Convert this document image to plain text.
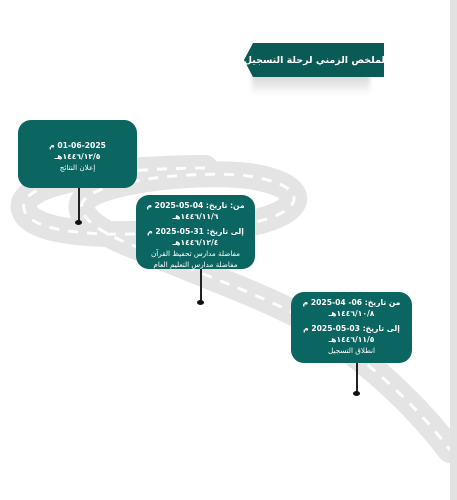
الملخص الزمني لرحلة التسجيل
01-06-2025 م
١٤٤٦/١٢/٥هـ
إعلان النتائج
من: تاريخ: 04-05-2025 م
١٤٤٦/١١/٦هـ
إلى تاريخ: 31-05-2025 م
١٤٤٦/١٢/٤هـ
مفاضلة مدارس تحفيظ القرآن
مفاضلة مدارس التعليم العام
من تاريخ: 06- 04-2025 م
١٤٤٦/١٠/٨هـ
إلى تاريخ: 03-05-2025 م
١٤٤٦/١١/٥هـ
انطلاق التسجيل
